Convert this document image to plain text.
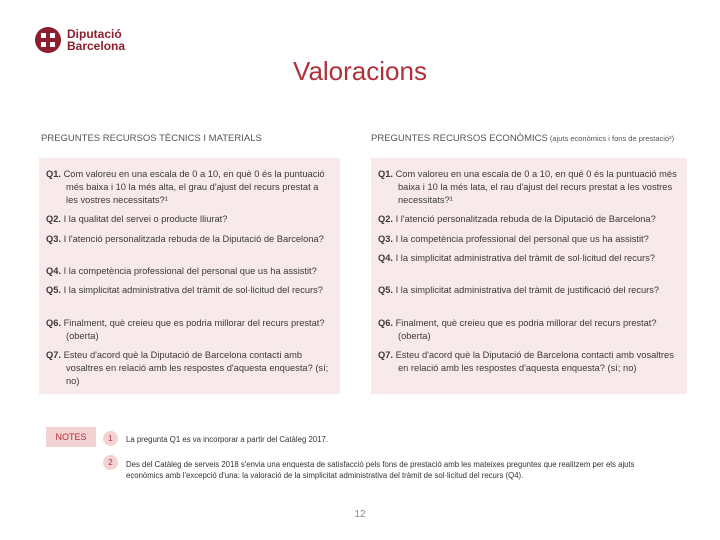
Diputació
Barcelona
Valoracions
PREGUNTES RECURSOS TÈCNICS I MATERIALS	PREGUNTES RECURSOS ECONÒMICS (ajuts econòmics i fons de prestació²)
Q1. Com valoreu en una escala de 0 a 10, en què 0 és la puntuació més baixa i 10 la més alta, el grau d'ajust del recurs prestat a les vostres necessitats?¹
Q2. I la qualitat del servei o producte lliurat?
Q3. I l'atenció personalitzada rebuda de la Diputació de Barcelona?
Q4. I la competència professional del personal que us ha assistit?
Q5. I la simplicitat administrativa del tràmit de sol·licitud del recurs?
Q6. Finalment, què creieu que es podria millorar del recurs prestat?(oberta)
Q7. Esteu d'acord què la Diputació de Barcelona contacti amb vosaltres en relació amb les respostes d'aquesta enquesta? (sí; no)
Q1. Com valoreu en una escala de 0 a 10, en què 0 és la puntuació més baixa i 10 la més lata, el rau d'ajust del recurs prestat a les vostres necessitats?¹
Q2. I l'atenció personalitzada rebuda de la Diputació de Barcelona?
Q3. I la competència professional del personal que us ha assistit?
Q4. I la simplicitat administrativa del tràmit de sol·licitud del recurs?
Q5. I la simplicitat administrativa del tràmit de justificació del recurs?
Q6. Finalment, què creieu que es podria millorar del recurs prestat?(oberta)
Q7. Esteu d'acord què la Diputació de Barcelona contacti amb vosaltres en relació amb les respostes d'aquesta enquesta? (sí; no)
NOTES	1	La pregunta Q1 es va incorporar a partir del Catàleg 2017.
2	Des del Catàleg de serveis 2018 s'envia una enquesta de satisfacció pels fons de prestació amb les mateixes preguntes que realitzem per els ajuts econòmics amb l'excepció d'una: la valoració de la simplicitat administrativa del tràmit de sol·licitud del recurs (Q4).
12
